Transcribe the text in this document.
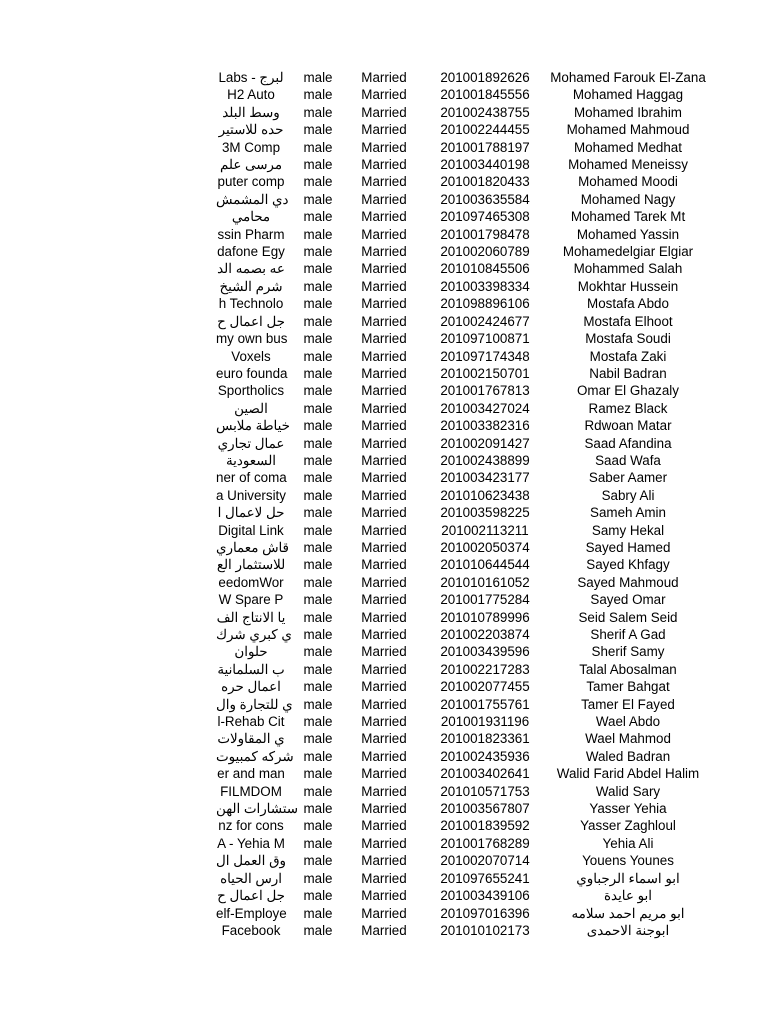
Labs - لبرج	male	Married	201001892626	Mohamed Farouk El-Zana
H2 Auto	male	Married	201001845556	Mohamed Haggag
وسط البلد	male	Married	201002438755	Mohamed Ibrahim
حده للاستير	male	Married	201002244455	Mohamed Mahmoud
3M Comp	male	Married	201001788197	Mohamed Medhat
مرسى علم	male	Married	201003440198	Mohamed Meneissy
puter comp	male	Married	201001820433	Mohamed Moodi
دي المشمش	male	Married	201003635584	Mohamed Nagy
محامي	male	Married	201097465308	Mohamed Tarek Mt
ssin Pharm	male	Married	201001798478	Mohamed Yassin
dafone Egy	male	Married	201002060789	Mohamedelgiar Elgiar
عه بصمه الد	male	Married	201010845506	Mohammed Salah
شرم الشيخ	male	Married	201003398334	Mokhtar Hussein
h Technolo	male	Married	201098896106	Mostafa Abdo
جل اعمال ح	male	Married	201002424677	Mostafa Elhoot
my own bus	male	Married	201097100871	Mostafa Soudi
Voxels	male	Married	201097174348	Mostafa Zaki
euro founda	male	Married	201002150701	Nabil Badran
Sportholics	male	Married	201001767813	Omar El Ghazaly
الصين	male	Married	201003427024	Ramez Black
خياطة ملابس	male	Married	201003382316	Rdwoan Matar
عمال تجاري	male	Married	201002091427	Saad Afandina
السعودية	male	Married	201002438899	Saad Wafa
ner of coma	male	Married	201003423177	Saber Aamer
a University	male	Married	201010623438	Sabry Ali
حل لاعمال ا	male	Married	201003598225	Sameh Amin
Digital Link	male	Married	201002113211	Samy Hekal
قاش معماري	male	Married	201002050374	Sayed Hamed
للاستثمار الع	male	Married	201010644544	Sayed Khfagy
eedomWor	male	Married	201010161052	Sayed Mahmoud
W Spare P	male	Married	201001775284	Sayed Omar
يا الانتاج الف	male	Married	201010789996	Seid Salem Seid
ي كبري شرك male	Married	201002203874	Sherif A Gad
حلوان	male	Married	201003439596	Sherif Samy
ب السلمانية	male	Married	201002217283	Talal Abosalman
اعمال حره	male	Married	201002077455	Tamer Bahgat
ي للتجارة وال male	Married	201001755761	Tamer El Fayed
l-Rehab Cit	male	Married	201001931196	Wael Abdo
ي المقاولات	male	Married	201001823361	Wael Mahmod
شركه كمبيوت male	Married	201002435936	Waled Badran
er and man	male	Married	201003402641	Walid Farid Abdel Halim
FILMDOM	male	Married	201010571753	Walid Sary
ستشارات الهن male	Married	201003567807	Yasser Yehia
nz for cons	male	Married	201001839592	Yasser Zaghloul
A - Yehia M	male	Married	201001768289	Yehia Ali
وق العمل ال	male	Married	201002070714	Youens Younes
ارس الحياه	male	Married	201097655241	ابو اسماء الرجباوي
جل اعمال ح	male	Married	201003439106	ابو عايدة
elf-Employe	male	Married	201097016396	ابو مريم احمد سلامه
Facebook	male	Married	201010102173	ابوجنة الاحمدى
